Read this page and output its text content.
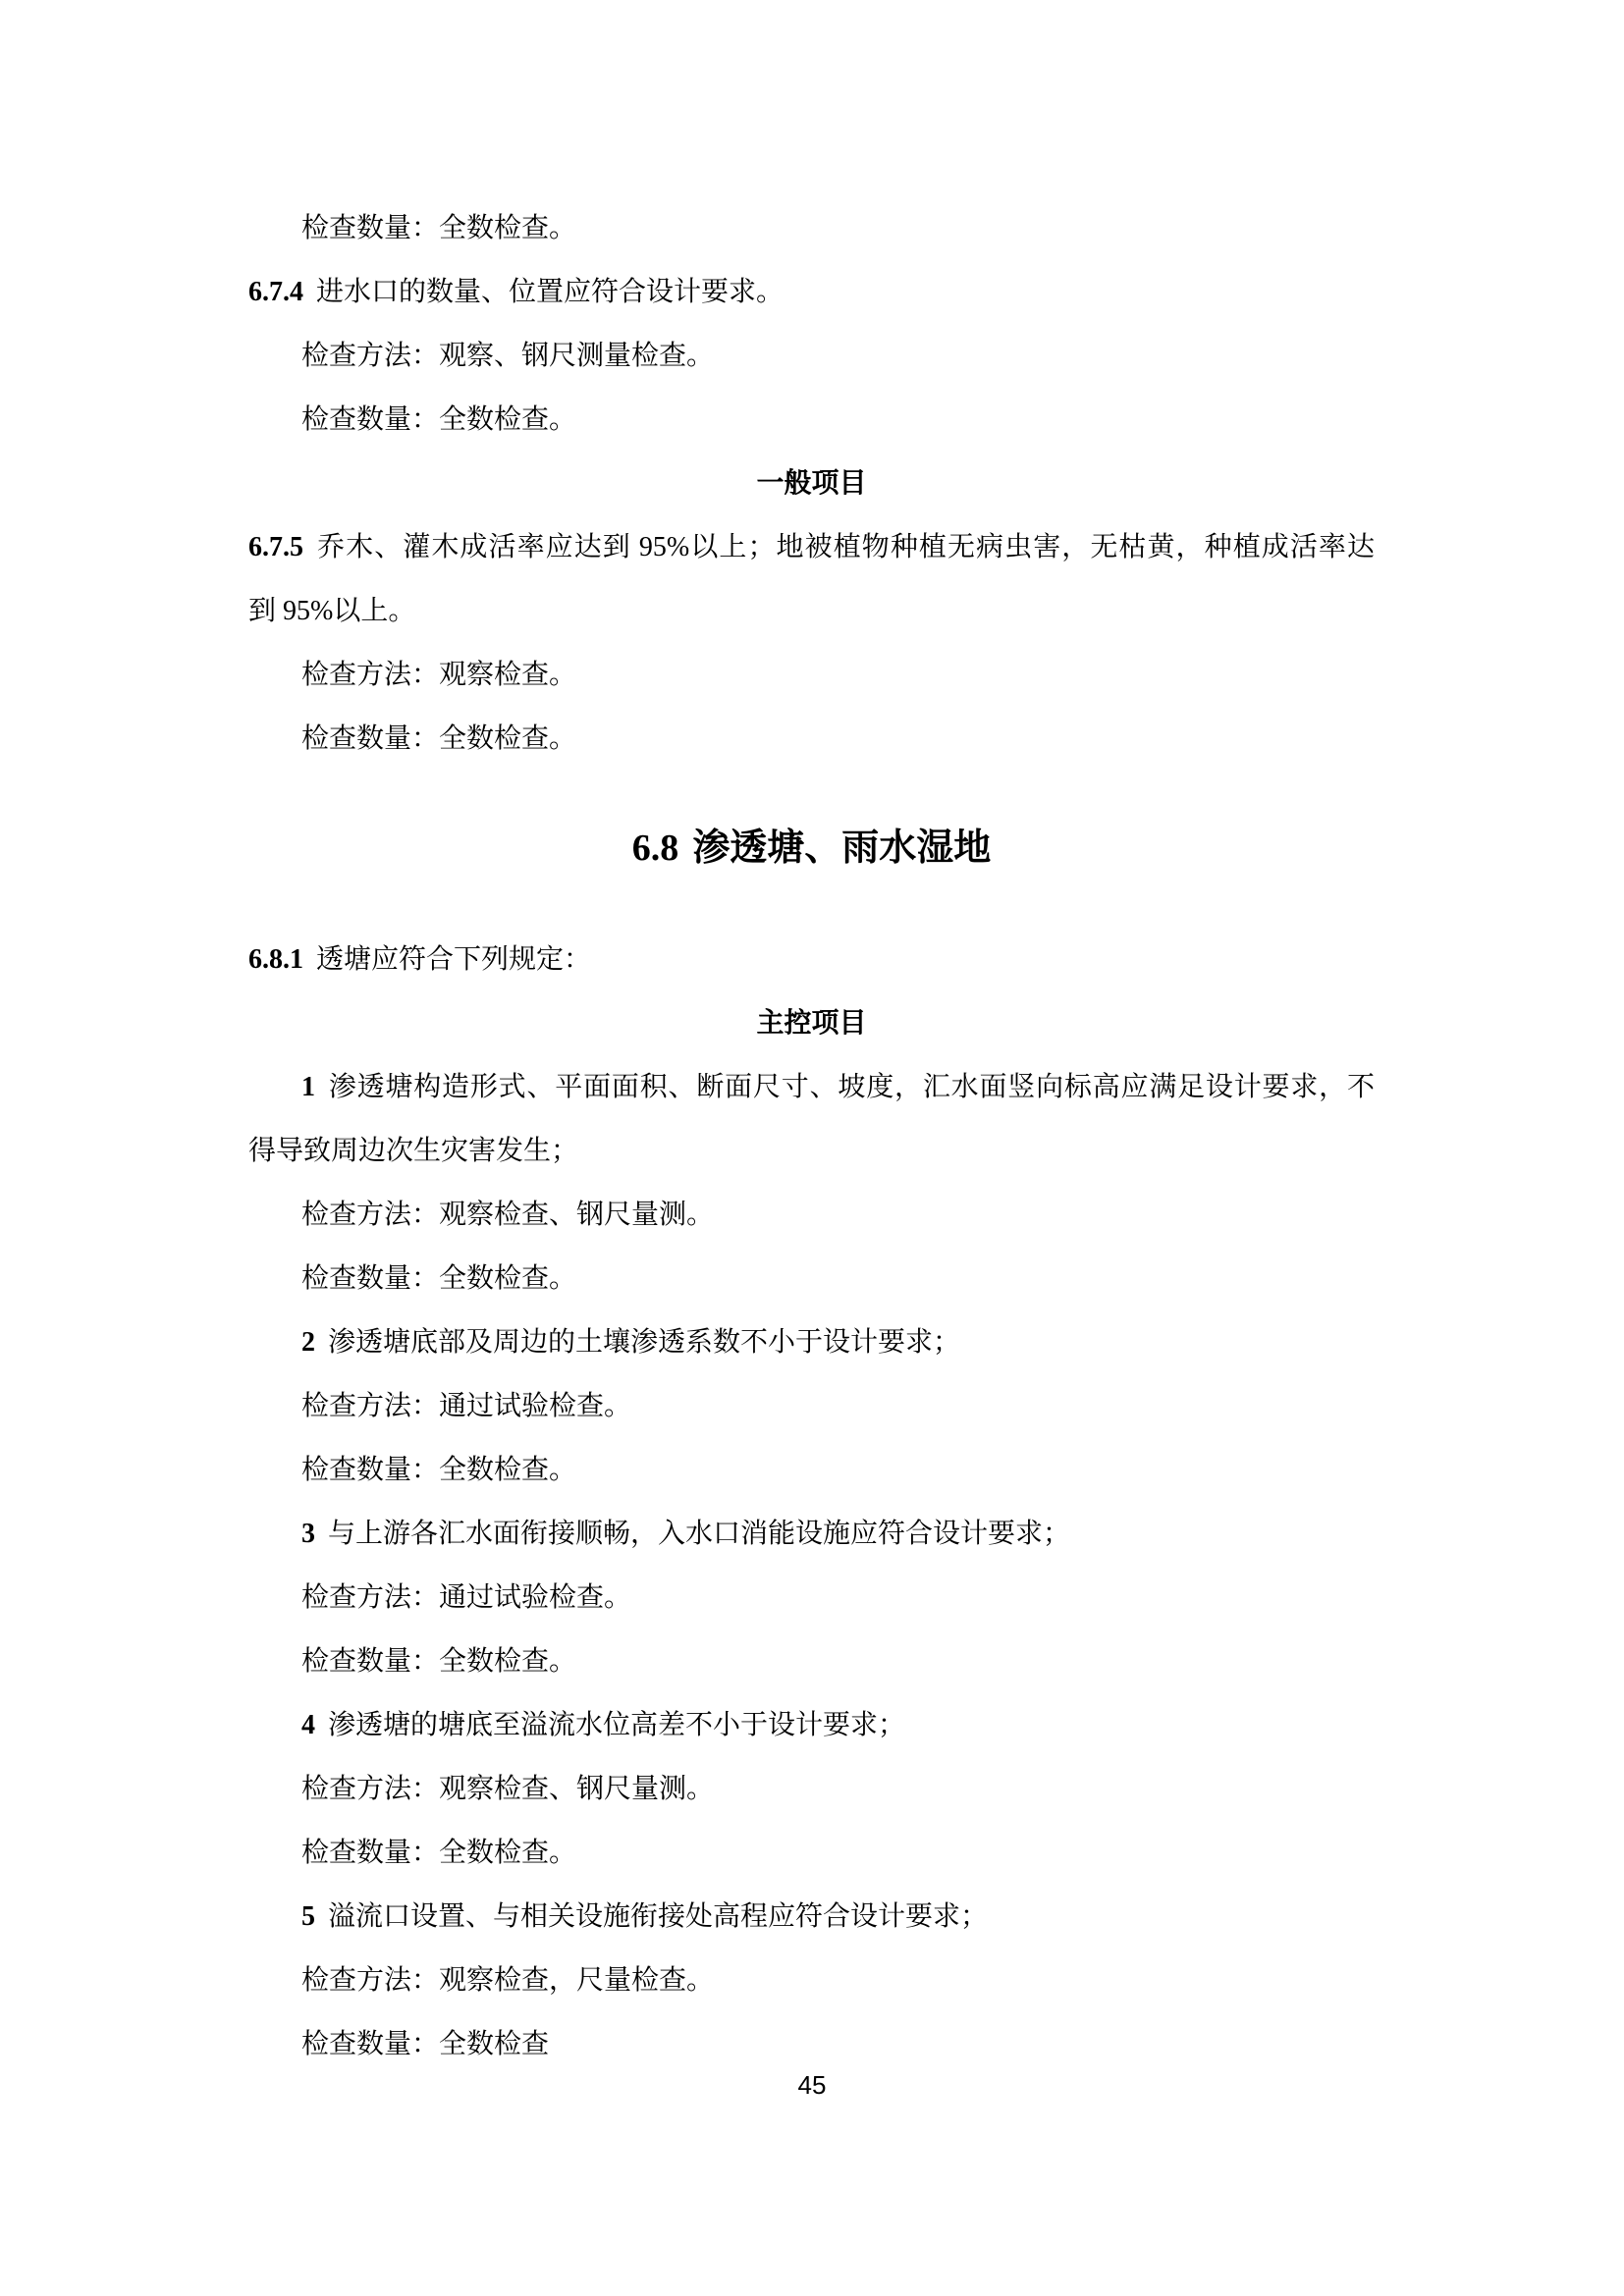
检查数量：全数检查。

6.7.4 进水口的数量、位置应符合设计要求。

检查方法：观察、钢尺测量检查。

检查数量：全数检查。

一般项目

6.7.5 乔木、灌木成活率应达到 95%以上；地被植物种植无病虫害，无枯黄，种植成活率达
到 95%以上。

检查方法：观察检查。

检查数量：全数检查。

6.8 渗透塘、雨水湿地

6.8.1 透塘应符合下列规定：

主控项目

1 渗透塘构造形式、平面面积、断面尺寸、坡度，汇水面竖向标高应满足设计要求，不
得导致周边次生灾害发生；

检查方法：观察检查、钢尺量测。

检查数量：全数检查。

2 渗透塘底部及周边的土壤渗透系数不小于设计要求；

检查方法：通过试验检查。

检查数量：全数检查。

3 与上游各汇水面衔接顺畅，入水口消能设施应符合设计要求；

检查方法：通过试验检查。

检查数量：全数检查。

4 渗透塘的塘底至溢流水位高差不小于设计要求；

检查方法：观察检查、钢尺量测。

检查数量：全数检查。

5 溢流口设置、与相关设施衔接处高程应符合设计要求；

检查方法：观察检查，尺量检查。

检查数量：全数检查

45
